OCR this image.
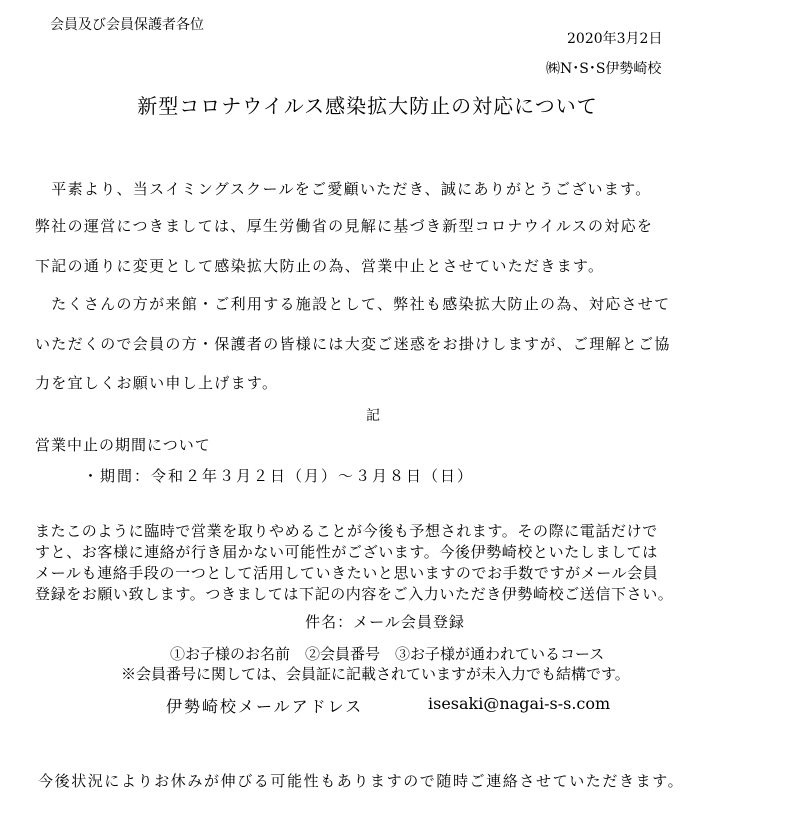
会員及び会員保護者各位
2020年3月2日
㈱N･S･S伊勢崎校
新型コロナウイルス感染拡大防止の対応について
　平素より、当スイミングスクールをご愛顧いただき、誠にありがとうございます。
弊社の運営につきましては、厚生労働省の見解に基づき新型コロナウイルスの対応を
下記の通りに変更として感染拡大防止の為、営業中止とさせていただきます。
　たくさんの方が来館・ご利用する施設として、弊社も感染拡大防止の為、対応させて
いただくので会員の方・保護者の皆様には大変ご迷惑をお掛けしますが、ご理解とご協
力を宜しくお願い申し上げます。
記
営業中止の期間について
・期間：令和２年３月２日（月）～３月８日（日）
またこのように臨時で営業を取りやめることが今後も予想されます。その際に電話だけで
すと、お客様に連絡が行き届かない可能性がございます。今後伊勢崎校といたしましては
メールも連絡手段の一つとして活用していきたいと思いますのでお手数ですがメール会員
登録をお願い致します。つきましては下記の内容をご入力いただき伊勢崎校ご送信下さい。
件名：メール会員登録
①お子様のお名前　②会員番号　③お子様が通われているコース
※会員番号に関しては、会員証に記載されていますが未入力でも結構です。
伊勢崎校メールアドレス	isesaki@nagai-s-s.com
今後状況によりお休みが伸びる可能性もありますので随時ご連絡させていただきます。
